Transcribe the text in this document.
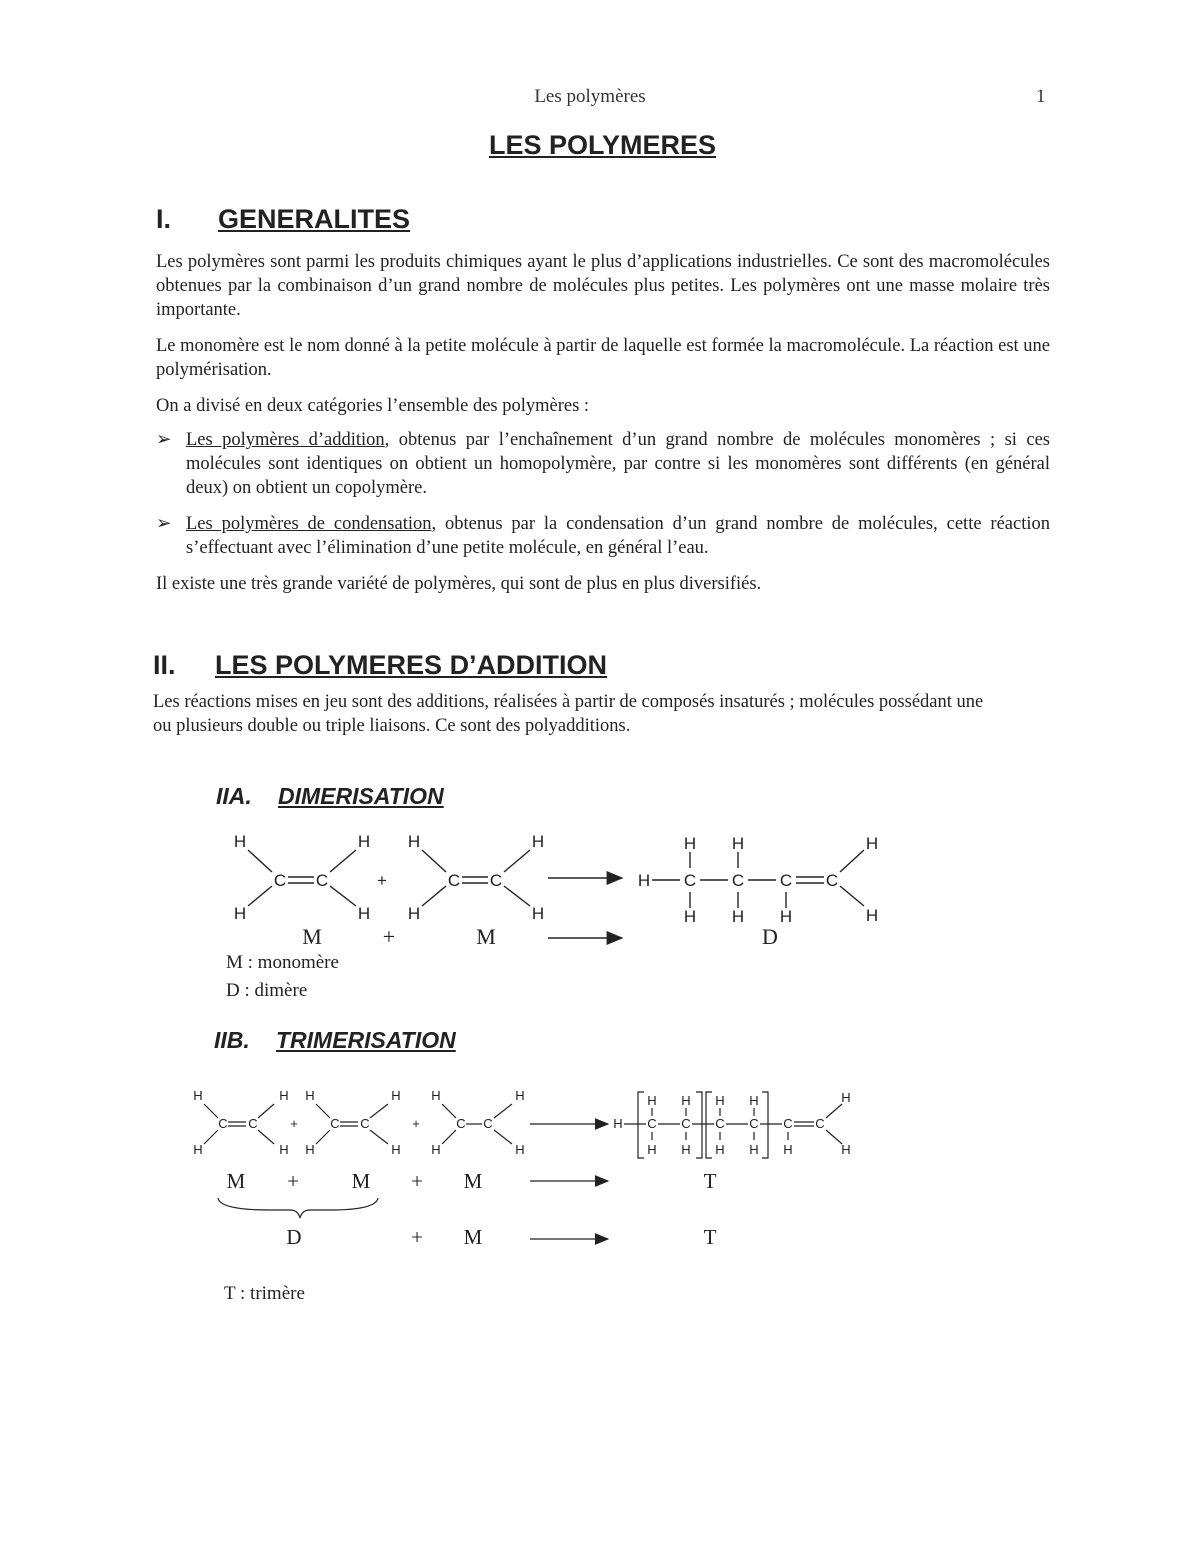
Les polymères	1
LES POLYMERES
I. GENERALITES
Les polymères sont parmi les produits chimiques ayant le plus d’applications industrielles. Ce sont des macromolécules obtenues par la combinaison d’un grand nombre de molécules plus petites. Les polymères ont une masse molaire très importante.
Le monomère est le nom donné à la petite molécule à partir de laquelle est formée la macromolécule. La réaction est une polymérisation.
On a divisé en deux catégories l’ensemble des polymères :
➢ Les polymères d’addition, obtenus par l’enchaînement d’un grand nombre de molécules monomères ; si ces molécules sont identiques on obtient un homopolymère, par contre si les monomères sont différents (en général deux) on obtient un copolymère.
➢ Les polymères de condensation, obtenus par la condensation d’un grand nombre de molécules, cette réaction s’effectuant avec l’élimination d’une petite molécule, en général l’eau.
Il existe une très grande variété de polymères, qui sont de plus en plus diversifiés.
II. LES POLYMERES D’ADDITION
Les réactions mises en jeu sont des additions, réalisées à partir de composés insaturés ; molécules possédant une ou plusieurs double ou triple liaisons. Ce sont des polyadditions.
IIA. DIMERISATION
H
H
C C
H
H
+
H
H
C C
H
H
H C C C C
H H
H H H
H
H
M	+	M	D
M : monomère
D : dimère
IIB. TRIMERISATION
H
H
C C
H
H
+
H
H
C C
H
H
+
H
H
C C
H
H
H C C C C C C
H H H H
H H H H H
H
H
M +	M + M	T
D	+ M	T
T : trimère
